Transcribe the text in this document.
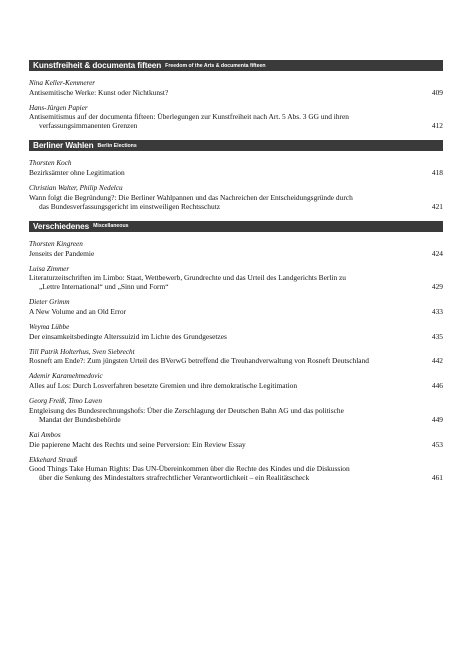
Kunstfreiheit & documenta fifteen Freedom of the Arts & documenta fifteen
Nina Keller-Kemmerer
Antisemitische Werke: Kunst oder Nichtkunst?	409
Hans-Jürgen Papier
Antisemitismus auf der documenta fifteen: Überlegungen zur Kunstfreiheit nach Art. 5 Abs. 3 GG und ihren
verfassungsimmanenten Grenzen	412
Berliner Wahlen Berlin Elections
Thorsten Koch
Bezirksämter ohne Legitimation	418
Christian Walter, Philip Nedelcu
Wann folgt die Begründung?: Die Berliner Wahlpannen und das Nachreichen der Entscheidungsgründe durch
das Bundesverfassungsgericht im einstweiligen Rechtsschutz	421
Verschiedenes Miscellaneous
Thorsten Kingreen
Jenseits der Pandemie	424
Luisa Zimmer
Literaturzeitschriften im Limbo: Staat, Wettbewerb, Grundrechte und das Urteil des Landgerichts Berlin zu
„Lettre International“ und „Sinn und Form“	429
Dieter Grimm
A New Volume and an Old Error	433
Weyma Lübbe
Der einsamkeitsbedingte Alterssuizid im Lichte des Grundgesetzes	435
Till Patrik Holterhus, Sven Siebrecht
Rosneft am Ende?: Zum jüngsten Urteil des BVerwG betreffend die Treuhandverwaltung von Rosneft Deutschland	442
Ademir Karamehmedovic
Alles auf Los: Durch Losverfahren besetzte Gremien und ihre demokratische Legitimation	446
Georg Freiß, Timo Laven
Entgleisung des Bundesrechnungshofs: Über die Zerschlagung der Deutschen Bahn AG und das politische
Mandat der Bundesbehörde	449
Kai Ambos
Die papierene Macht des Rechts und seine Perversion: Ein Review Essay	453
Ekkehard Strauß
Good Things Take Human Rights: Das UN-Übereinkommen über die Rechte des Kindes und die Diskussion
über die Senkung des Mindestalters strafrechtlicher Verantwortlichkeit – ein Realitätscheck	461
